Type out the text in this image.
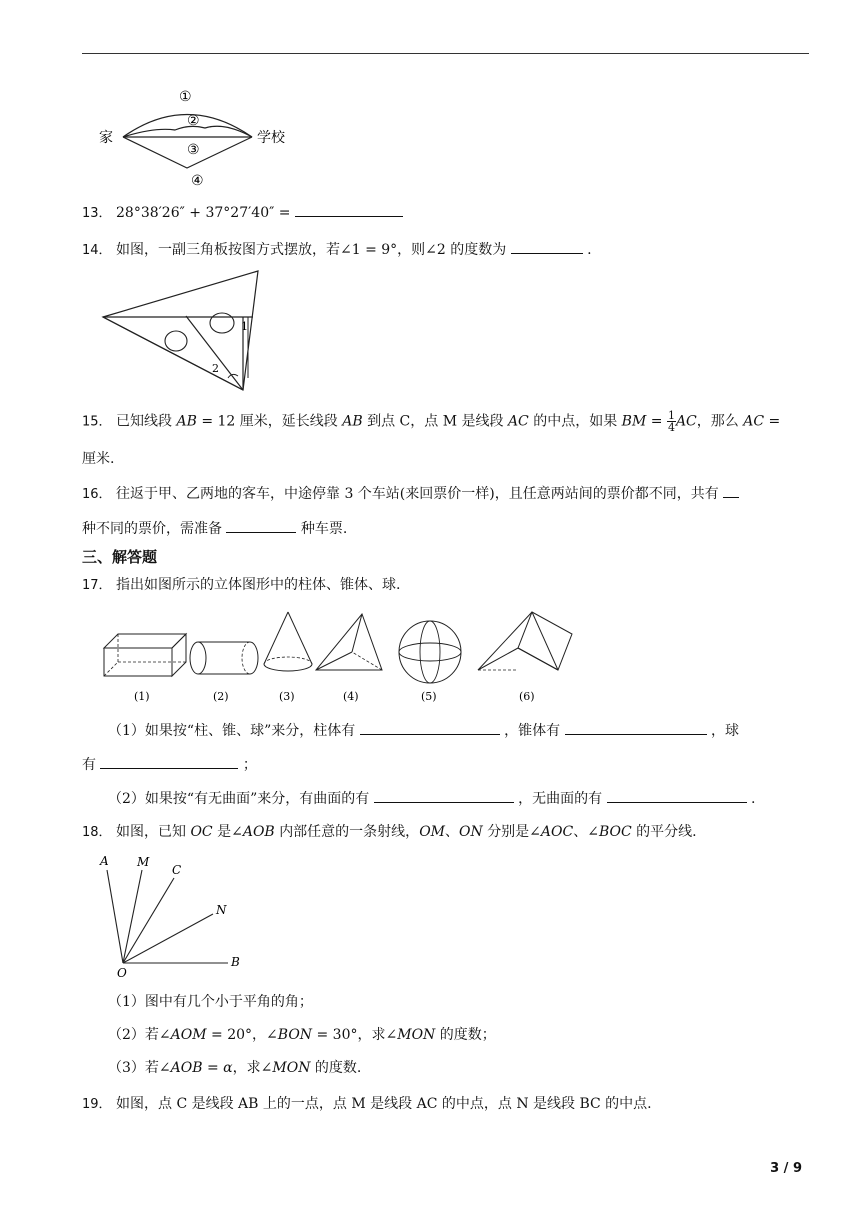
家	学校
①
②
③
④
13． 28°38′26″ + 37°27′40″ =
14． 如图，一副三角板按图方式摆放，若∠1 = 9°，则∠2 的度数为	.
1
2
15． 已知线段 AB = 12 厘米，延长线段 AB 到点 C，点 M 是线段 AC 的中点，如果 BM = $\frac{1}{4}$ AC，那么 AC =
厘米.
16． 往返于甲、乙两地的客车，中途停靠 3 个车站(来回票价一样)，且任意两站间的票价都不同，共有
种不同的票价，需准备	种车票.
三、解答题
17． 指出如图所示的立体图形中的柱体、锥体、球.
(1)	(2)	(3)	(4)	(5)	(6)
（1）如果按“柱、锥、球”来分，柱体有	，锥体有	，球
有	；
（2）如果按“有无曲面”来分，有曲面的有	，无曲面的有	.
18． 如图，已知 OC 是∠AOB 内部任意的一条射线，OM、ON 分别是∠AOC、∠BOC 的平分线.
A M
C
N
B
O
（1）图中有几个小于平角的角；
（2）若∠AOM = 20°，∠BON = 30°，求∠MON 的度数；
（3）若∠AOB = α，求∠MON 的度数.
19． 如图，点 C 是线段 AB 上的一点，点 M 是线段 AC 的中点，点 N 是线段 BC 的中点.
3 / 9
